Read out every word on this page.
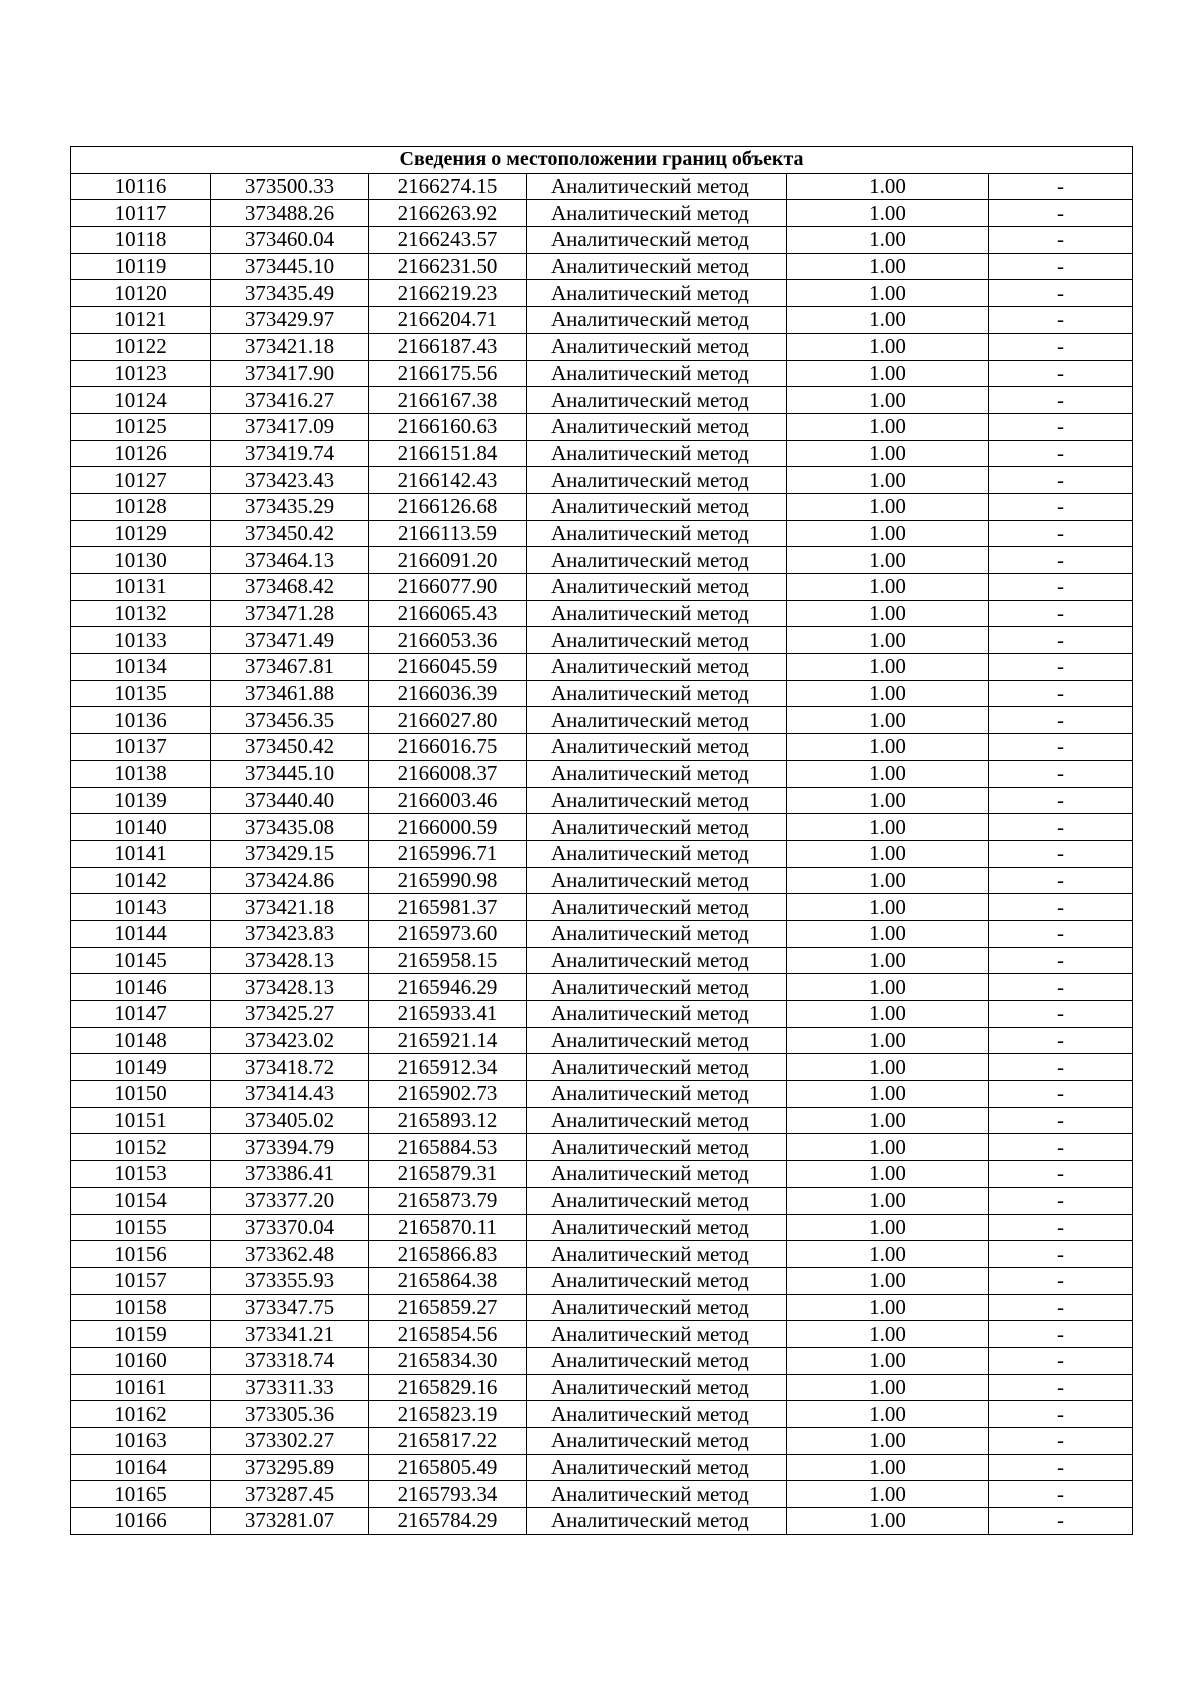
Сведения о местоположении границ объекта					
10116	373500.33	2166274.15	Аналитический метод	1.00	-
10117	373488.26	2166263.92	Аналитический метод	1.00	-
10118	373460.04	2166243.57	Аналитический метод	1.00	-
10119	373445.10	2166231.50	Аналитический метод	1.00	-
10120	373435.49	2166219.23	Аналитический метод	1.00	-
10121	373429.97	2166204.71	Аналитический метод	1.00	-
10122	373421.18	2166187.43	Аналитический метод	1.00	-
10123	373417.90	2166175.56	Аналитический метод	1.00	-
10124	373416.27	2166167.38	Аналитический метод	1.00	-
10125	373417.09	2166160.63	Аналитический метод	1.00	-
10126	373419.74	2166151.84	Аналитический метод	1.00	-
10127	373423.43	2166142.43	Аналитический метод	1.00	-
10128	373435.29	2166126.68	Аналитический метод	1.00	-
10129	373450.42	2166113.59	Аналитический метод	1.00	-
10130	373464.13	2166091.20	Аналитический метод	1.00	-
10131	373468.42	2166077.90	Аналитический метод	1.00	-
10132	373471.28	2166065.43	Аналитический метод	1.00	-
10133	373471.49	2166053.36	Аналитический метод	1.00	-
10134	373467.81	2166045.59	Аналитический метод	1.00	-
10135	373461.88	2166036.39	Аналитический метод	1.00	-
10136	373456.35	2166027.80	Аналитический метод	1.00	-
10137	373450.42	2166016.75	Аналитический метод	1.00	-
10138	373445.10	2166008.37	Аналитический метод	1.00	-
10139	373440.40	2166003.46	Аналитический метод	1.00	-
10140	373435.08	2166000.59	Аналитический метод	1.00	-
10141	373429.15	2165996.71	Аналитический метод	1.00	-
10142	373424.86	2165990.98	Аналитический метод	1.00	-
10143	373421.18	2165981.37	Аналитический метод	1.00	-
10144	373423.83	2165973.60	Аналитический метод	1.00	-
10145	373428.13	2165958.15	Аналитический метод	1.00	-
10146	373428.13	2165946.29	Аналитический метод	1.00	-
10147	373425.27	2165933.41	Аналитический метод	1.00	-
10148	373423.02	2165921.14	Аналитический метод	1.00	-
10149	373418.72	2165912.34	Аналитический метод	1.00	-
10150	373414.43	2165902.73	Аналитический метод	1.00	-
10151	373405.02	2165893.12	Аналитический метод	1.00	-
10152	373394.79	2165884.53	Аналитический метод	1.00	-
10153	373386.41	2165879.31	Аналитический метод	1.00	-
10154	373377.20	2165873.79	Аналитический метод	1.00	-
10155	373370.04	2165870.11	Аналитический метод	1.00	-
10156	373362.48	2165866.83	Аналитический метод	1.00	-
10157	373355.93	2165864.38	Аналитический метод	1.00	-
10158	373347.75	2165859.27	Аналитический метод	1.00	-
10159	373341.21	2165854.56	Аналитический метод	1.00	-
10160	373318.74	2165834.30	Аналитический метод	1.00	-
10161	373311.33	2165829.16	Аналитический метод	1.00	-
10162	373305.36	2165823.19	Аналитический метод	1.00	-
10163	373302.27	2165817.22	Аналитический метод	1.00	-
10164	373295.89	2165805.49	Аналитический метод	1.00	-
10165	373287.45	2165793.34	Аналитический метод	1.00	-
10166	373281.07	2165784.29	Аналитический метод	1.00	-
